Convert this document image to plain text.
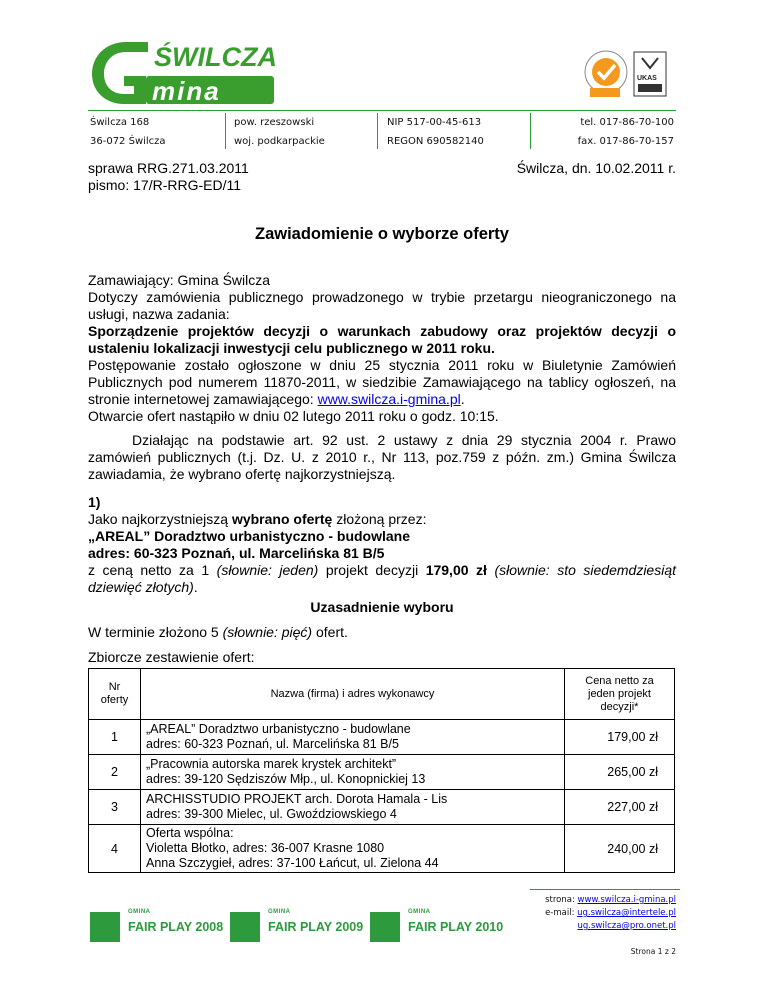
ŚWILCZA
mina	UKAS
Świlcza 168
36-072 Świlcza
pow. rzeszowski
woj. podkarpackie
NIP 517-00-45-613
REGON 690582140
tel. 017-86-70-100
fax. 017-86-70-157
sprawa RRG.271.03.2011
pismo: 17/R-RRG-ED/11
Świlcza, dn. 10.02.2011 r.
Zawiadomienie o wyborze oferty
Zamawiający: Gmina Świlcza
Dotyczy zamówienia publicznego prowadzonego w trybie przetargu nieograniczonego na usługi, nazwa zadania:
Sporządzenie projektów decyzji o warunkach zabudowy oraz projektów decyzji o ustaleniu lokalizacji inwestycji celu publicznego w 2011 roku.
Postępowanie zostało ogłoszone w dniu 25 stycznia 2011 roku w Biuletynie Zamówień Publicznych pod numerem 11870-2011, w siedzibie Zamawiającego na tablicy ogłoszeń, na stronie internetowej zamawiającego: www.swilcza.i-gmina.pl.
Otwarcie ofert nastąpiło w dniu 02 lutego 2011 roku o godz. 10:15.
Działając na podstawie art. 92 ust. 2 ustawy z dnia 29 stycznia 2004 r. Prawo zamówień publicznych (t.j. Dz. U. z 2010 r., Nr 113, poz.759 z późn. zm.) Gmina Świlcza zawiadamia, że wybrano ofertę najkorzystniejszą.
1)
Jako najkorzystniejszą wybrano ofertę złożoną przez:
„AREAL” Doradztwo urbanistyczno - budowlane
adres: 60-323 Poznań, ul. Marcelińska 81 B/5
z ceną netto za 1 (słownie: jeden) projekt decyzji 179,00 zł (słownie: sto siedemdziesiąt dziewięć złotych).
Uzasadnienie wyboru
W terminie złożono 5 (słownie: pięć) ofert.
Zbiorcze zestawienie ofert:
Nr oferty	Nazwa (firma) i adres wykonawcy	Cena netto za jeden projekt decyzji*
1	„AREAL” Doradztwo urbanistyczno - budowlane
adres: 60-323 Poznań, ul. Marcelińska 81 B/5	179,00 zł
2	„Pracownia autorska marek krystek architekt”
adres: 39-120 Sędziszów Młp., ul. Konopnickiej 13	265,00 zł
3	ARCHISSTUDIO PROJEKT arch. Dorota Hamala - Lis
adres: 39-300 Mielec, ul. Gwoździowskiego 4	227,00 zł
4	Oferta wspólna:
Violetta Błotko, adres: 36-007 Krasne 1080
Anna Szczygieł, adres: 37-100 Łańcut, ul. Zielona 44	240,00 zł
GMINA
FAIR PLAY 2008
GMINA
FAIR PLAY 2009
GMINA
FAIR PLAY 2010
strona: www.swilcza.i-gmina.pl
e-mail: ug.swilcza@intertele.pl
ug.swilcza@pro.onet.pl
Strona 1 z 2
